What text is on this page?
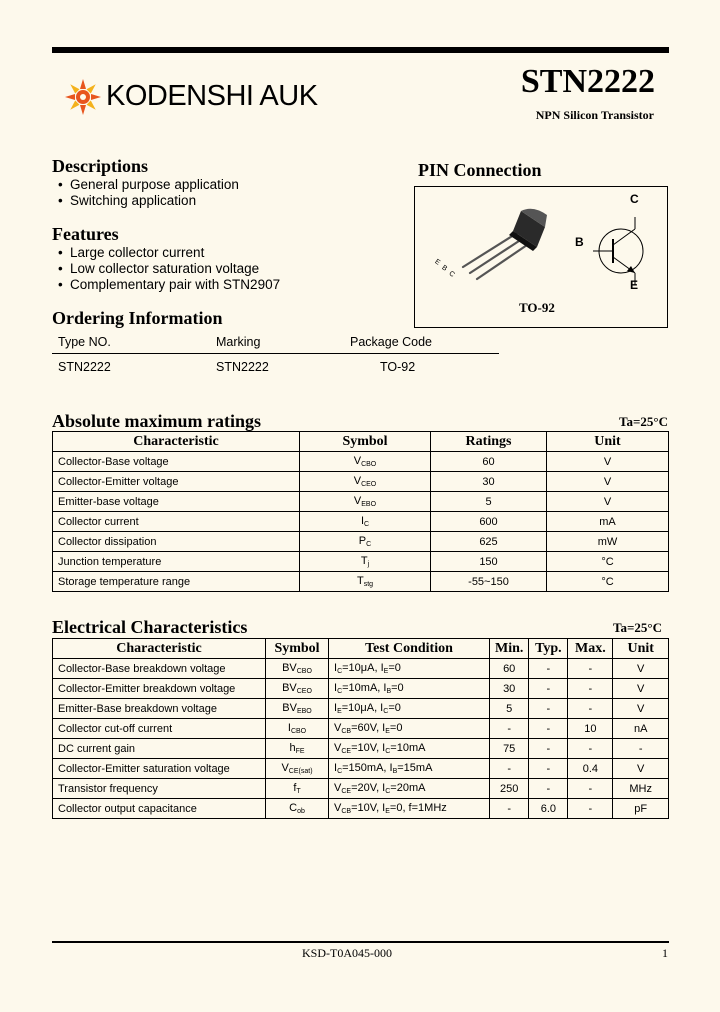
KODENSHI AUK	STN2222
NPN Silicon Transistor
Descriptions
• General purpose application
• Switching application
Features
• Large collector current
• Low collector saturation voltage
• Complementary pair with STN2907
Ordering Information
Type NO.	Marking	Package Code
STN2222	STN2222	TO-92
PIN Connection
E
B
C
C
B
E
TO-92
Absolute maximum ratings	Ta=25°C
Characteristic	Symbol	Ratings	Unit
Collector-Base voltage	$V_{CBO}$	60	V
Collector-Emitter voltage	$V_{CEO}$	30	V
Emitter-base voltage	$V_{EBO}$	5	V
Collector current	$I_C$	600	mA
Collector dissipation	$P_C$	625	mW
Junction temperature	$T_j$	150	°C
Storage temperature range	$T_{stg}$	-55~150	°C
Electrical Characteristics	Ta=25°C
Characteristic	Symbol	Test Condition	Min.	Typ.	Max.	Unit
Collector-Base breakdown voltage	$BV_{CBO}$	$I_C=10\mu A$, $I_E=0$	60	-	-	V
Collector-Emitter breakdown voltage	$BV_{CEO}$	$I_C=10mA$, $I_B=0$	30	-	-	V
Emitter-Base breakdown voltage	$BV_{EBO}$	$I_E=10\mu A$, $I_C=0$	5	-	-	V
Collector cut-off current	$I_{CBO}$	$V_{CB}=60V$, $I_E=0$	-	-	10	nA
DC current gain	$h_{FE}$	$V_{CE}=10V$, $I_C=10mA$	75	-	-	-
Collector-Emitter saturation voltage	$V_{CE(sat)}$	$I_C=150mA$, $I_B=15mA$	-	-	0.4	V
Transistor frequency	$f_T$	$V_{CE}=20V$, $I_C=20mA$	250	-	-	MHz
Collector output capacitance	$C_{ob}$	$V_{CB}=10V$, $I_E=0$, f=1MHz	-	6.0	-	pF
KSD-T0A045-000	1
